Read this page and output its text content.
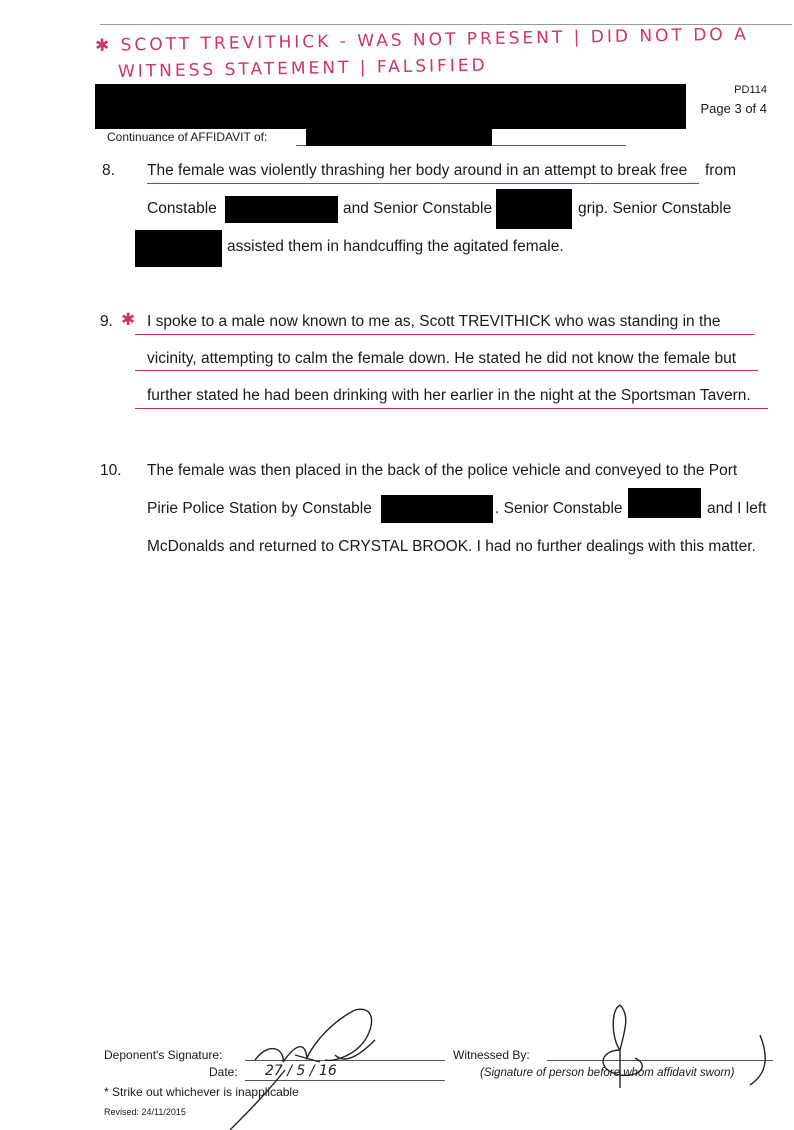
✱ SCOTT TREVITHICK - WAS NOT PRESENT | DID NOT DO A
WITNESS STATEMENT | FALSIFIED
PD114
Page 3 of 4
Continuance of AFFIDAVIT of:
8. The female was violently thrashing her body around in an attempt to break free from
Constable	and Senior Constable	grip. Senior Constable
assisted them in handcuffing the agitated female.
9. ✱ I spoke to a male now known to me as, Scott TREVITHICK who was standing in the
vicinity, attempting to calm the female down. He stated he did not know the female but
further stated he had been drinking with her earlier in the night at the Sportsman Tavern.
10. The female was then placed in the back of the police vehicle and conveyed to the Port
Pirie Police Station by Constable	. Senior Constable	and I left
McDonalds and returned to CRYSTAL BROOK. I had no further dealings with this matter.
Deponent's Signature:
Date: 27 / 5 / 16
Witnessed By:
(Signature of person before whom affidavit sworn)
* Strike out whichever is inapplicable
Revised: 24/11/2015
